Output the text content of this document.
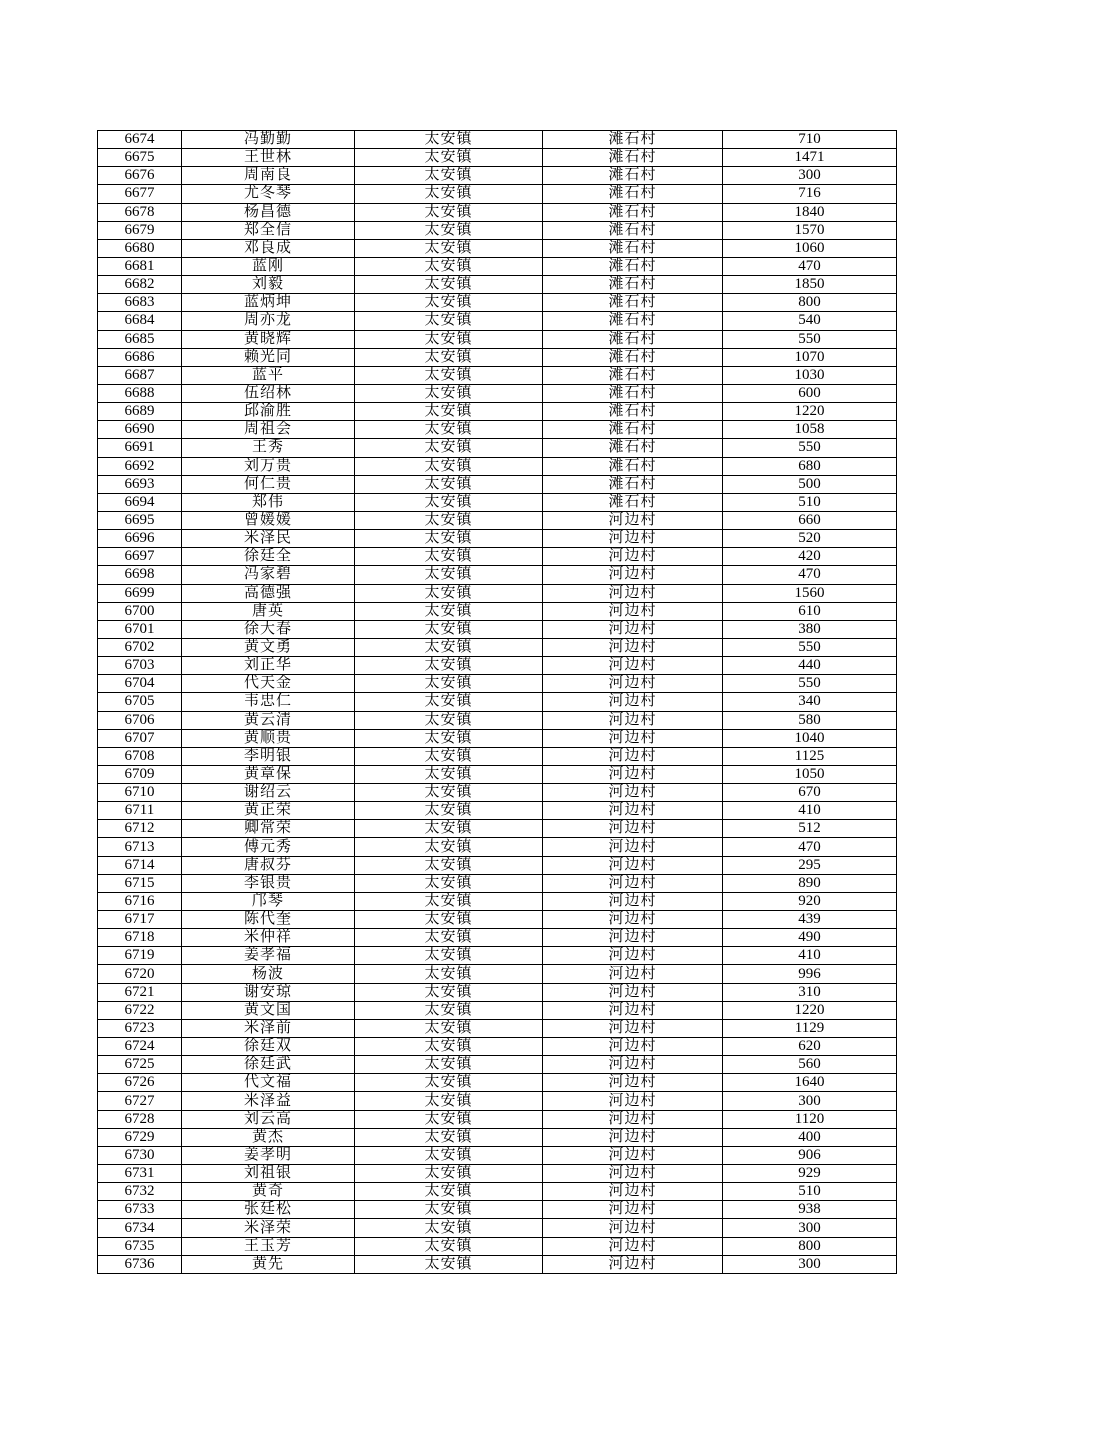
6674	冯勤勤	太安镇	滩石村	710
6675	王世林	太安镇	滩石村	1471
6676	周南良	太安镇	滩石村	300
6677	尤冬琴	太安镇	滩石村	716
6678	杨昌德	太安镇	滩石村	1840
6679	郑全信	太安镇	滩石村	1570
6680	邓良成	太安镇	滩石村	1060
6681	蓝刚	太安镇	滩石村	470
6682	刘毅	太安镇	滩石村	1850
6683	蓝炳坤	太安镇	滩石村	800
6684	周亦龙	太安镇	滩石村	540
6685	黄晓辉	太安镇	滩石村	550
6686	赖光同	太安镇	滩石村	1070
6687	蓝平	太安镇	滩石村	1030
6688	伍绍林	太安镇	滩石村	600
6689	邱渝胜	太安镇	滩石村	1220
6690	周祖会	太安镇	滩石村	1058
6691	王秀	太安镇	滩石村	550
6692	刘万贵	太安镇	滩石村	680
6693	何仁贵	太安镇	滩石村	500
6694	郑伟	太安镇	滩石村	510
6695	曾媛媛	太安镇	河边村	660
6696	米泽民	太安镇	河边村	520
6697	徐廷全	太安镇	河边村	420
6698	冯家碧	太安镇	河边村	470
6699	高德强	太安镇	河边村	1560
6700	唐英	太安镇	河边村	610
6701	徐大春	太安镇	河边村	380
6702	黄文勇	太安镇	河边村	550
6703	刘正华	太安镇	河边村	440
6704	代天金	太安镇	河边村	550
6705	韦忠仁	太安镇	河边村	340
6706	黄云清	太安镇	河边村	580
6707	黄顺贵	太安镇	河边村	1040
6708	李明银	太安镇	河边村	1125
6709	黄章保	太安镇	河边村	1050
6710	谢绍云	太安镇	河边村	670
6711	黄正荣	太安镇	河边村	410
6712	卿常荣	太安镇	河边村	512
6713	傅元秀	太安镇	河边村	470
6714	唐叔芬	太安镇	河边村	295
6715	李银贵	太安镇	河边村	890
6716	邝琴	太安镇	河边村	920
6717	陈代奎	太安镇	河边村	439
6718	米仲祥	太安镇	河边村	490
6719	姜孝福	太安镇	河边村	410
6720	杨波	太安镇	河边村	996
6721	谢安琼	太安镇	河边村	310
6722	黄文国	太安镇	河边村	1220
6723	米泽前	太安镇	河边村	1129
6724	徐廷双	太安镇	河边村	620
6725	徐廷武	太安镇	河边村	560
6726	代文福	太安镇	河边村	1640
6727	米泽益	太安镇	河边村	300
6728	刘云高	太安镇	河边村	1120
6729	黄杰	太安镇	河边村	400
6730	姜孝明	太安镇	河边村	906
6731	刘祖银	太安镇	河边村	929
6732	黄奇	太安镇	河边村	510
6733	张廷松	太安镇	河边村	938
6734	米泽荣	太安镇	河边村	300
6735	王玉芳	太安镇	河边村	800
6736	黄先	太安镇	河边村	300
